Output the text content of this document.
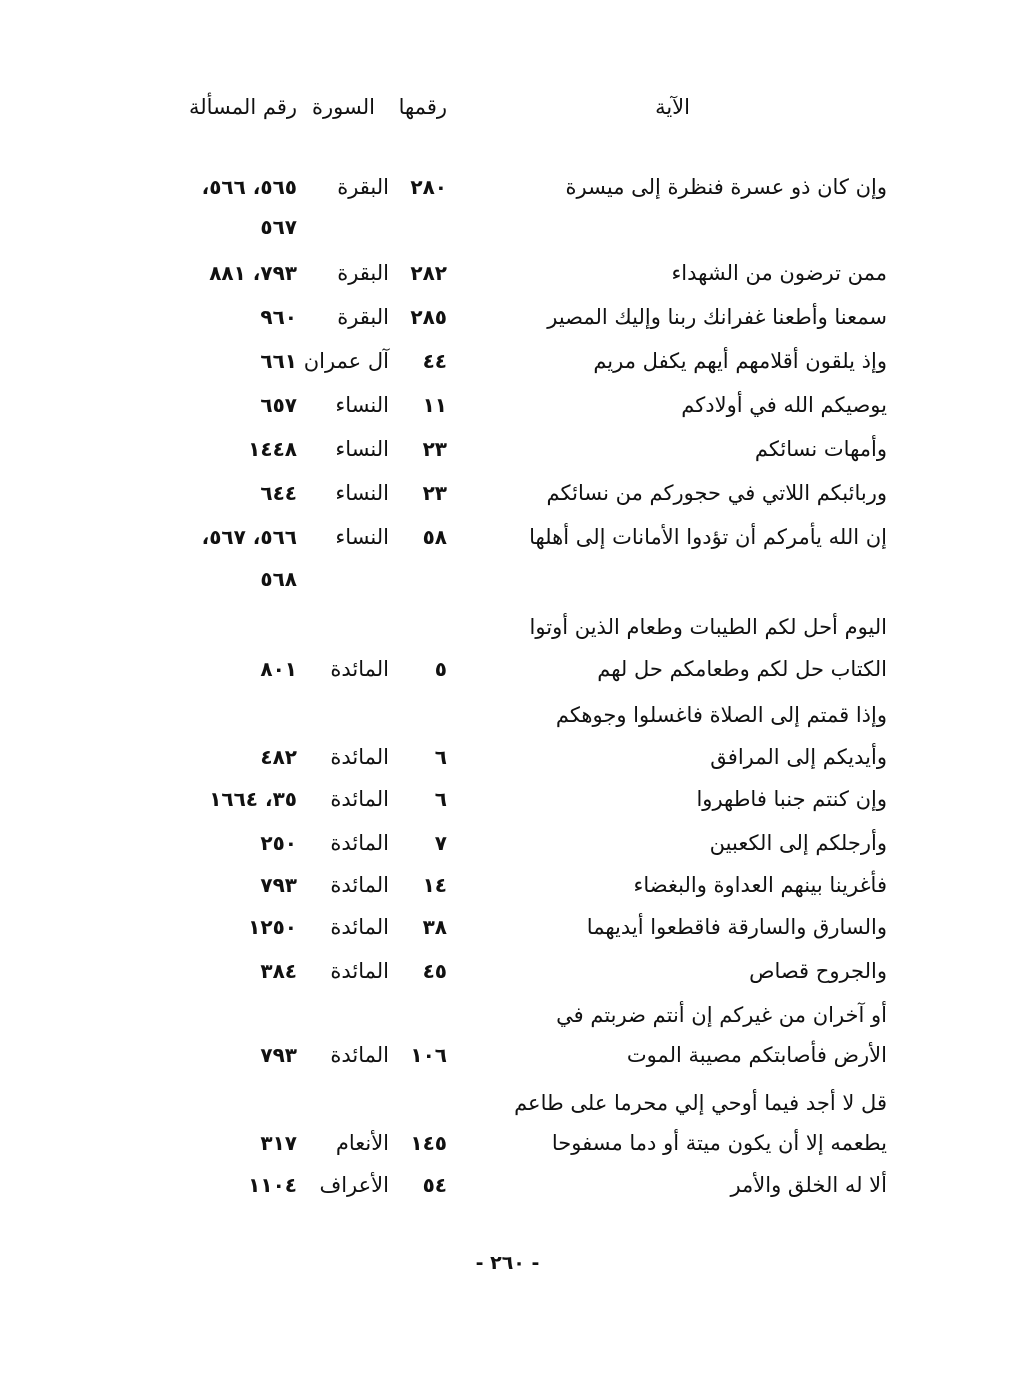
الآية
رقمها
السورة
رقم المسألة
وإن كان ذو عسرة فنظرة إلى ميسرة
٢٨٠
البقرة
٥٦٥، ٥٦٦،
٥٦٧
ممن ترضون من الشهداء
٢٨٢
البقرة
٧٩٣، ٨٨١
سمعنا وأطعنا غفرانك ربنا وإليك المصير
٢٨٥
البقرة
٩٦٠
وإذ يلقون أقلامهم أيهم يكفل مريم
٤٤
آل عمران
٦٦١
يوصيكم الله في أولادكم
١١
النساء
٦٥٧
وأمهات نسائكم
٢٣
النساء
١٤٤٨
وربائبكم اللاتي في حجوركم من نسائكم
٢٣
النساء
٦٤٤
إن الله يأمركم أن تؤدوا الأمانات إلى أهلها
٥٨
النساء
٥٦٦، ٥٦٧،
٥٦٨
اليوم أحل لكم الطيبات وطعام الذين أوتوا
الكتاب حل لكم وطعامكم حل لهم
٥
المائدة
٨٠١
وإذا قمتم إلى الصلاة فاغسلوا وجوهكم
وأيديكم إلى المرافق
٦
المائدة
٤٨٢
وإن كنتم جنبا فاطهروا
٦
المائدة
٣٥، ١٦٦٤
وأرجلكم إلى الكعبين
٧
المائدة
٢٥٠
فأغرينا بينهم العداوة والبغضاء
١٤
المائدة
٧٩٣
والسارق والسارقة فاقطعوا أيديهما
٣٨
المائدة
١٢٥٠
والجروح قصاص
٤٥
المائدة
٣٨٤
أو آخران من غيركم إن أنتم ضربتم في
الأرض فأصابتكم مصيبة الموت
١٠٦
المائدة
٧٩٣
قل لا أجد فيما أوحي إلي محرما على طاعم
يطعمه إلا أن يكون ميتة أو دما مسفوحا
١٤٥
الأنعام
٣١٧
ألا له الخلق والأمر
٥٤
الأعراف
١١٠٤
- ٢٦٠ -
